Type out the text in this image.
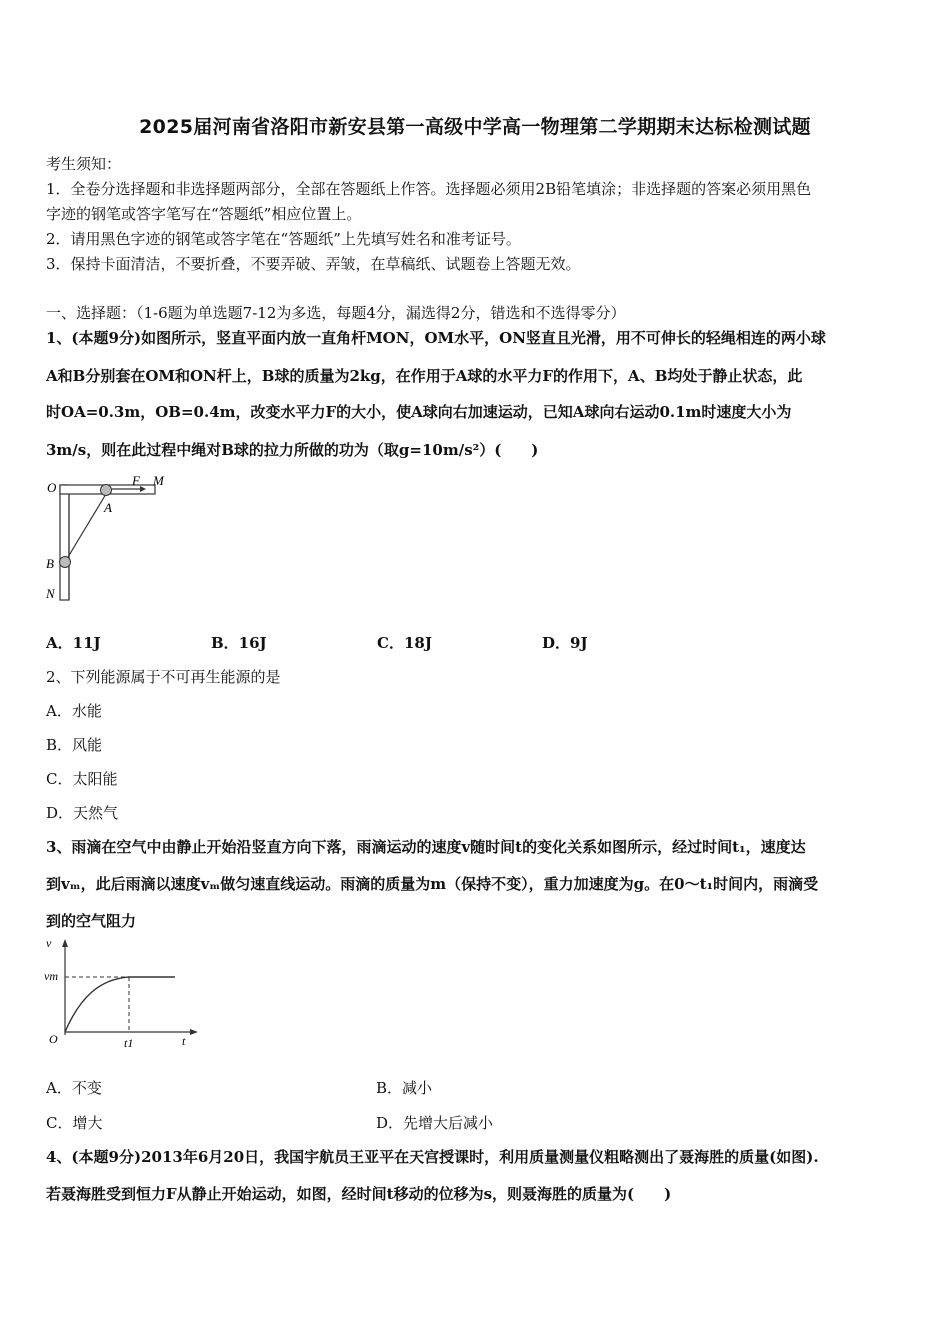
2025届河南省洛阳市新安县第一高级中学高一物理第二学期期末达标检测试题
考生须知：
1．全卷分选择题和非选择题两部分，全部在答题纸上作答。选择题必须用2B铅笔填涂；非选择题的答案必须用黑色
字迹的钢笔或答字笔写在“答题纸”相应位置上。
2．请用黑色字迹的钢笔或答字笔在“答题纸”上先填写姓名和准考证号。
3．保持卡面清洁，不要折叠，不要弄破、弄皱，在草稿纸、试题卷上答题无效。
一、选择题：（1-6题为单选题7-12为多选，每题4分，漏选得2分，错选和不选得零分）
1、(本题9分)如图所示，竖直平面内放一直角杆MON，OM水平，ON竖直且光滑，用不可伸长的轻绳相连的两小球
A和B分别套在OM和ON杆上，B球的质量为2kg，在作用于A球的水平力F的作用下，A、B均处于静止状态，此
时OA=0.3m，OB=0.4m，改变水平力F的大小，使A球向右加速运动，已知A球向右运动0.1m时速度大小为
3m/s，则在此过程中绳对B球的拉力所做的功为（取g=10m/s²）(　　)
O	F M
A
B
N
A．11J	B．16J	C．18J	D．9J
2、下列能源属于不可再生能源的是
A．水能
B．风能
C．太阳能
D．天然气
3、雨滴在空气中由静止开始沿竖直方向下落，雨滴运动的速度v随时间t的变化关系如图所示，经过时间t₁，速度达
到vₘ，此后雨滴以速度vₘ做匀速直线运动。雨滴的质量为m（保持不变），重力加速度为g。在0～t₁时间内，雨滴受
到的空气阻力
v
vm
O	t1	t
A．不变	B．减小
C．增大	D．先增大后减小
4、(本题9分)2013年6月20日，我国宇航员王亚平在天宫授课时，利用质量测量仪粗略测出了聂海胜的质量(如图).
若聂海胜受到恒力F从静止开始运动，如图，经时间t移动的位移为s，则聂海胜的质量为(　　)
